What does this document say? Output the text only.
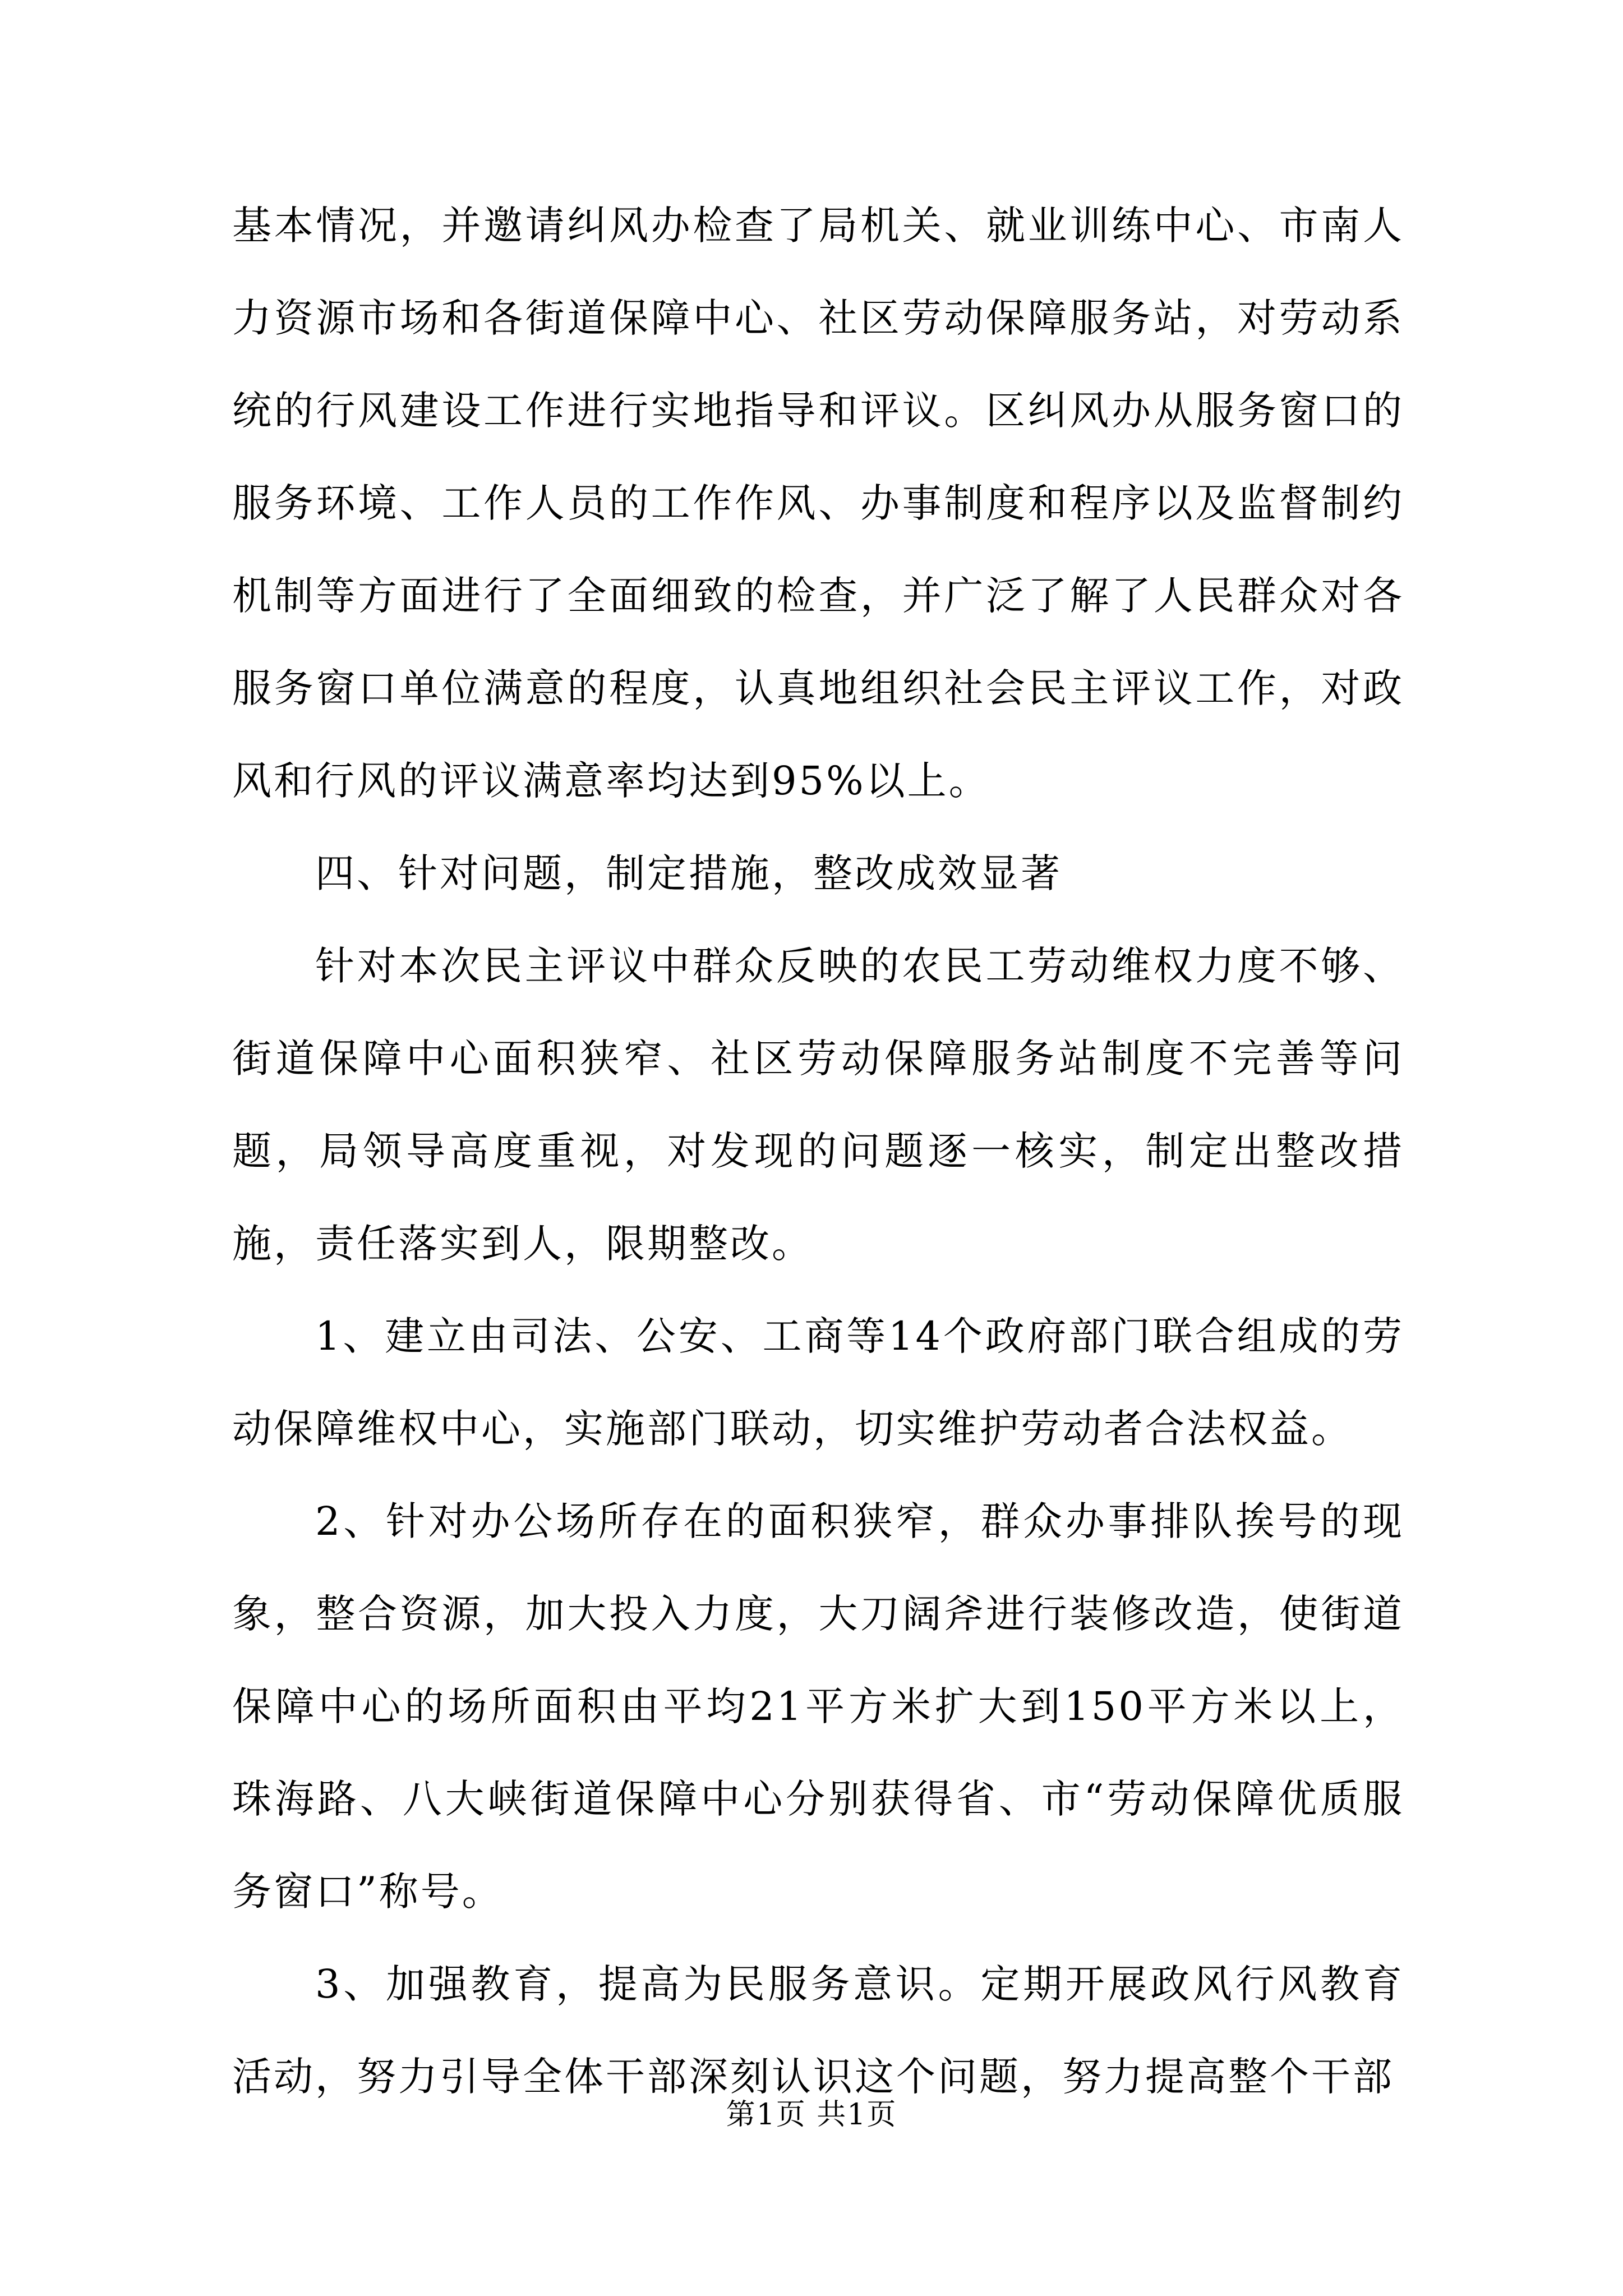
基本情况，并邀请纠风办检查了局机关、就业训练中心、市南人力资源市场和各街道保障中心、社区劳动保障服务站，对劳动系统的行风建设工作进行实地指导和评议。区纠风办从服务窗口的服务环境、工作人员的工作作风、办事制度和程序以及监督制约机制等方面进行了全面细致的检查，并广泛了解了人民群众对各服务窗口单位满意的程度，认真地组织社会民主评议工作，对政风和行风的评议满意率均达到95%以上。

四、针对问题，制定措施，整改成效显著

针对本次民主评议中群众反映的农民工劳动维权力度不够、街道保障中心面积狭窄、社区劳动保障服务站制度不完善等问题，局领导高度重视，对发现的问题逐一核实，制定出整改措施，责任落实到人，限期整改。

1、建立由司法、公安、工商等14个政府部门联合组成的劳动保障维权中心，实施部门联动，切实维护劳动者合法权益。

2、针对办公场所存在的面积狭窄，群众办事排队挨号的现象，整合资源，加大投入力度，大刀阔斧进行装修改造，使街道保障中心的场所面积由平均21平方米扩大到150平方米以上，珠海路、八大峡街道保障中心分别获得省、市“劳动保障优质服务窗口”称号。

3、加强教育，提高为民服务意识。定期开展政风行风教育活动，努力引导全体干部深刻认识这个问题，努力提高整个干部

第1页 共1页
